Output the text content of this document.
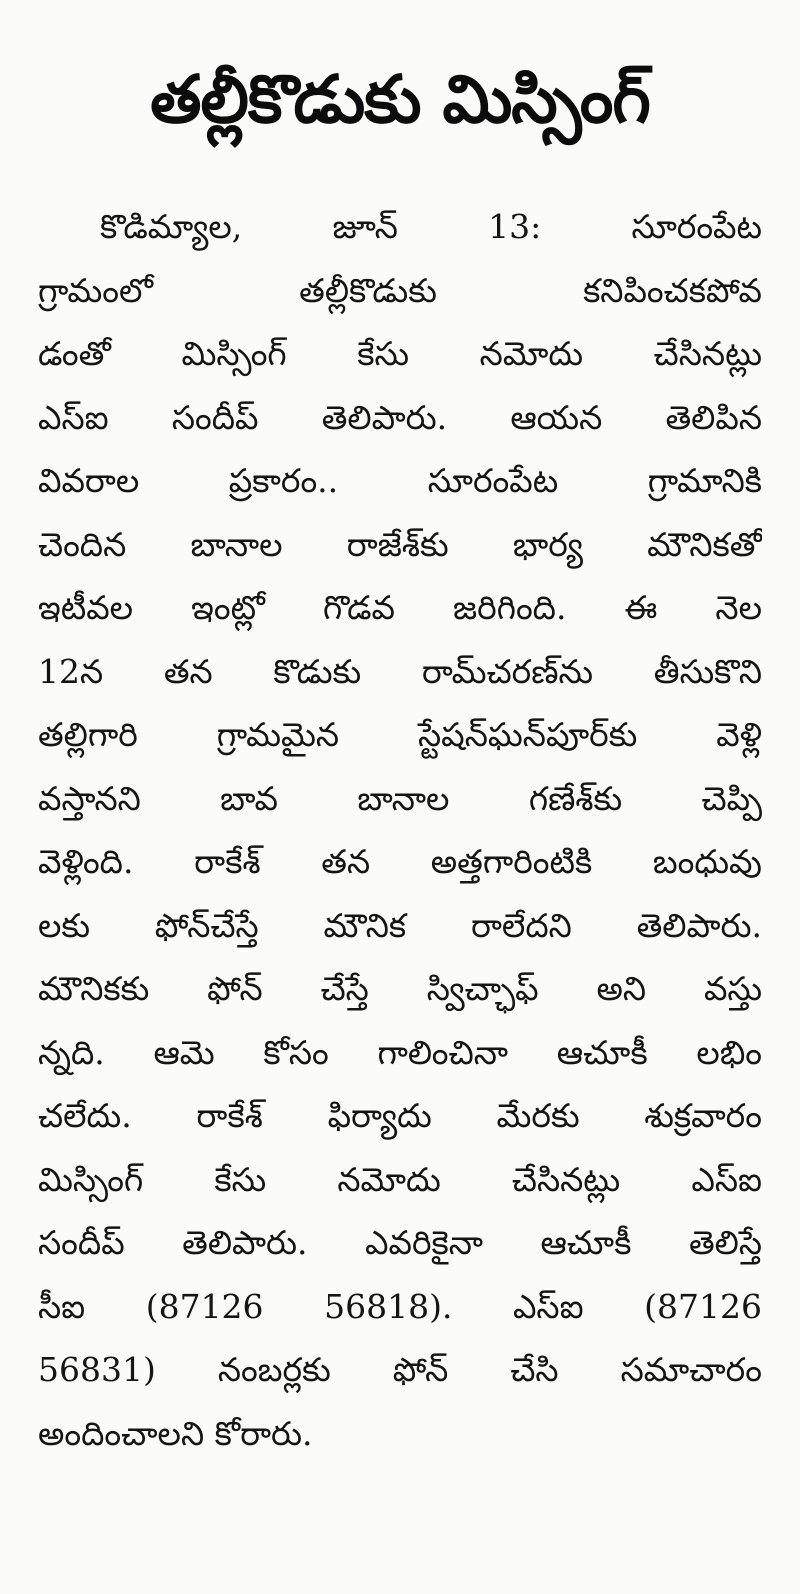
తల్లీకొడుకు మిస్సింగ్
కొడిమ్యాల, జూన్ 13: సూరంపేట
గ్రామంలో తల్లీకొడుకు కనిపించకపోవ
డంతో మిస్సింగ్ కేసు నమోదు చేసినట్లు
ఎస్ఐ సందీప్ తెలిపారు. ఆయన తెలిపిన
వివరాల ప్రకారం.. సూరంపేట గ్రామానికి
చెందిన బానాల రాజేశ్‌కు భార్య మౌనికతో
ఇటీవల ఇంట్లో గొడవ జరిగింది. ఈ నెల
12న తన కొడుకు రామ్‌చరణ్‌ను తీసుకొని
తల్లిగారి గ్రామమైన స్టేషన్‌ఘన్‌పూర్‌కు వెళ్లి
వస్తానని బావ బానాల గణేశ్‌కు చెప్పి
వెళ్లింది. రాకేశ్ తన అత్తగారింటికి బంధువు
లకు ఫోన్‌చేస్తే మౌనిక రాలేదని తెలిపారు.
మౌనికకు ఫోన్ చేస్తే స్విచ్ఛాఫ్ అని వస్తు
న్నది. ఆమె కోసం గాలించినా ఆచూకీ లభిం
చలేదు. రాకేశ్ ఫిర్యాదు మేరకు శుక్రవారం
మిస్సింగ్ కేసు నమోదు చేసినట్లు ఎస్ఐ
సందీప్ తెలిపారు. ఎవరికైనా ఆచూకీ తెలిస్తే
సీఐ (87126 56818). ఎస్ఐ (87126
56831) నంబర్లకు ఫోన్ చేసి సమాచారం
అందించాలని కోరారు.
